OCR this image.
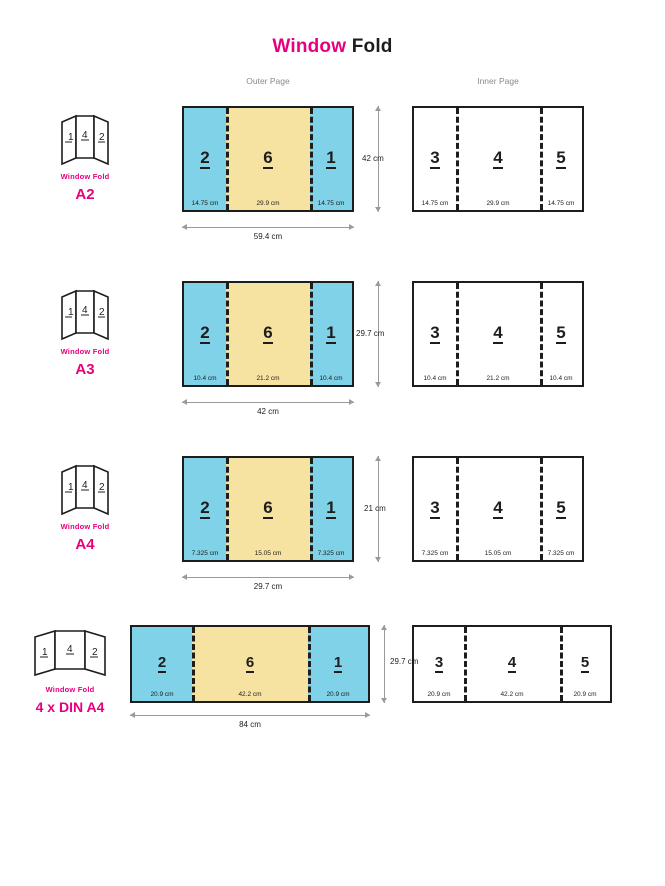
Window Fold
Outer Page	Inner Page
1 4 2
Window Fold
A2
2
14.75 cm
6
29.9 cm
1
14.75 cm
3
14.75 cm
4
29.9 cm
5
14.75 cm
42 cm
59.4 cm
1 4 2
Window Fold
A3
2
10.4 cm
6
21.2 cm
1
10.4 cm
3
10.4 cm
4
21.2 cm
5
10.4 cm
29.7 cm
42 cm
1 4 2
Window Fold
A4
2
7.325 cm
6
15.05 cm
1
7.325 cm
3
7.325 cm
4
15.05 cm
5
7.325 cm
21 cm
29.7 cm
1 4 2
Window Fold
4 x DIN A4
2
20.9 cm
6
42.2 cm
1
20.9 cm
3
20.9 cm
4
42.2 cm
5
20.9 cm
29.7 cm
84 cm
